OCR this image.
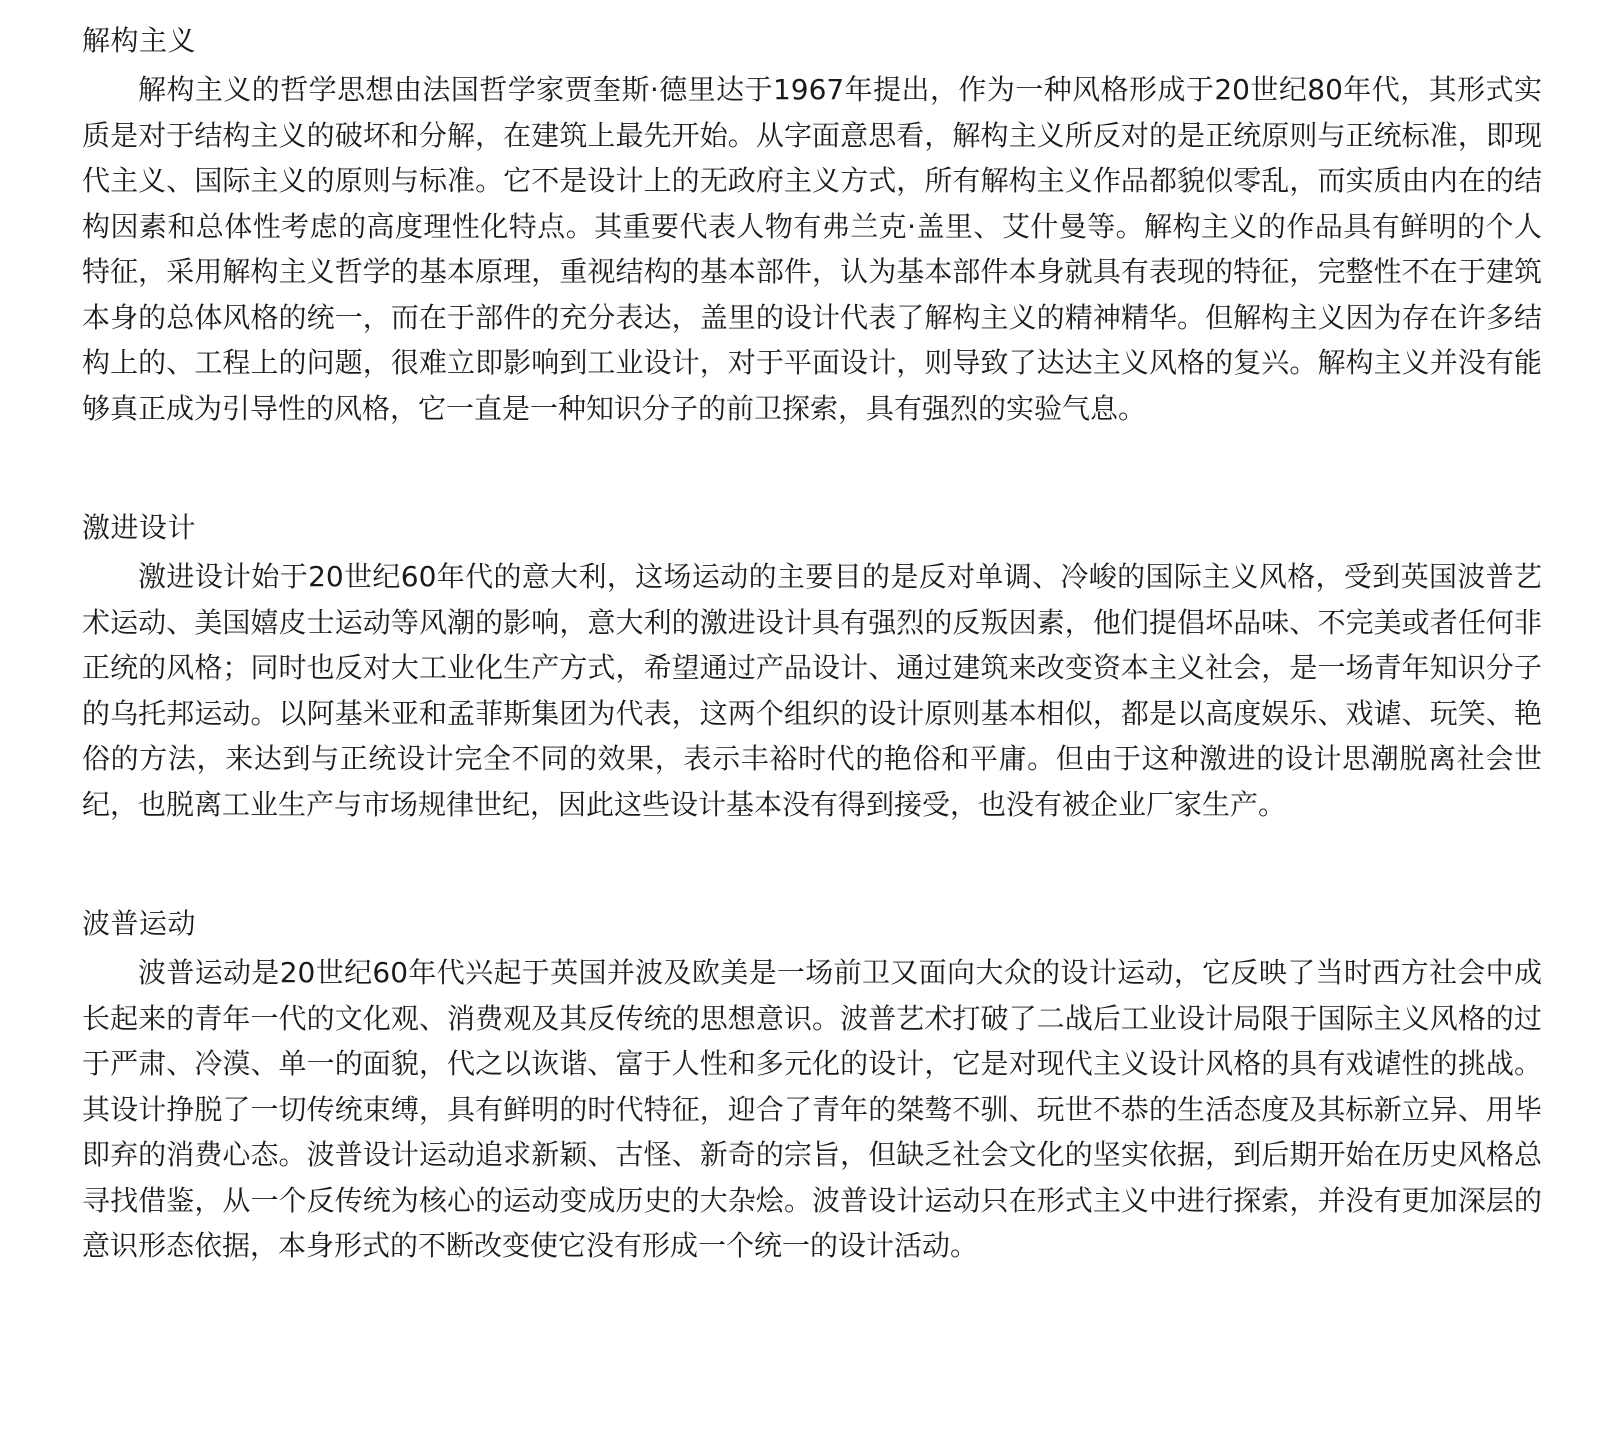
解构主义

解构主义的哲学思想由法国哲学家贾奎斯·德里达于1967年提出，作为一种风格形成于20世纪80年代，其形式实质是对于结构主义的破坏和分解，在建筑上最先开始。从字面意思看，解构主义所反对的是正统原则与正统标准，即现代主义、国际主义的原则与标准。它不是设计上的无政府主义方式，所有解构主义作品都貌似零乱，而实质由内在的结构因素和总体性考虑的高度理性化特点。其重要代表人物有弗兰克·盖里、艾什曼等。解构主义的作品具有鲜明的个人特征，采用解构主义哲学的基本原理，重视结构的基本部件，认为基本部件本身就具有表现的特征，完整性不在于建筑本身的总体风格的统一，而在于部件的充分表达，盖里的设计代表了解构主义的精神精华。但解构主义因为存在许多结构上的、工程上的问题，很难立即影响到工业设计，对于平面设计，则导致了达达主义风格的复兴。解构主义并没有能够真正成为引导性的风格，它一直是一种知识分子的前卫探索，具有强烈的实验气息。

激进设计

激进设计始于20世纪60年代的意大利，这场运动的主要目的是反对单调、冷峻的国际主义风格，受到英国波普艺术运动、美国嬉皮士运动等风潮的影响，意大利的激进设计具有强烈的反叛因素，他们提倡坏品味、不完美或者任何非正统的风格；同时也反对大工业化生产方式，希望通过产品设计、通过建筑来改变资本主义社会，是一场青年知识分子的乌托邦运动。以阿基米亚和孟菲斯集团为代表，这两个组织的设计原则基本相似，都是以高度娱乐、戏谑、玩笑、艳俗的方法，来达到与正统设计完全不同的效果，表示丰裕时代的艳俗和平庸。但由于这种激进的设计思潮脱离社会世纪，也脱离工业生产与市场规律世纪，因此这些设计基本没有得到接受，也没有被企业厂家生产。

波普运动

波普运动是20世纪60年代兴起于英国并波及欧美是一场前卫又面向大众的设计运动，它反映了当时西方社会中成长起来的青年一代的文化观、消费观及其反传统的思想意识。波普艺术打破了二战后工业设计局限于国际主义风格的过于严肃、冷漠、单一的面貌，代之以诙谐、富于人性和多元化的设计，它是对现代主义设计风格的具有戏谑性的挑战。其设计挣脱了一切传统束缚，具有鲜明的时代特征，迎合了青年的桀骜不驯、玩世不恭的生活态度及其标新立异、用毕即弃的消费心态。波普设计运动追求新颖、古怪、新奇的宗旨，但缺乏社会文化的坚实依据，到后期开始在历史风格总寻找借鉴，从一个反传统为核心的运动变成历史的大杂烩。波普设计运动只在形式主义中进行探索，并没有更加深层的意识形态依据，本身形式的不断改变使它没有形成一个统一的设计活动。
